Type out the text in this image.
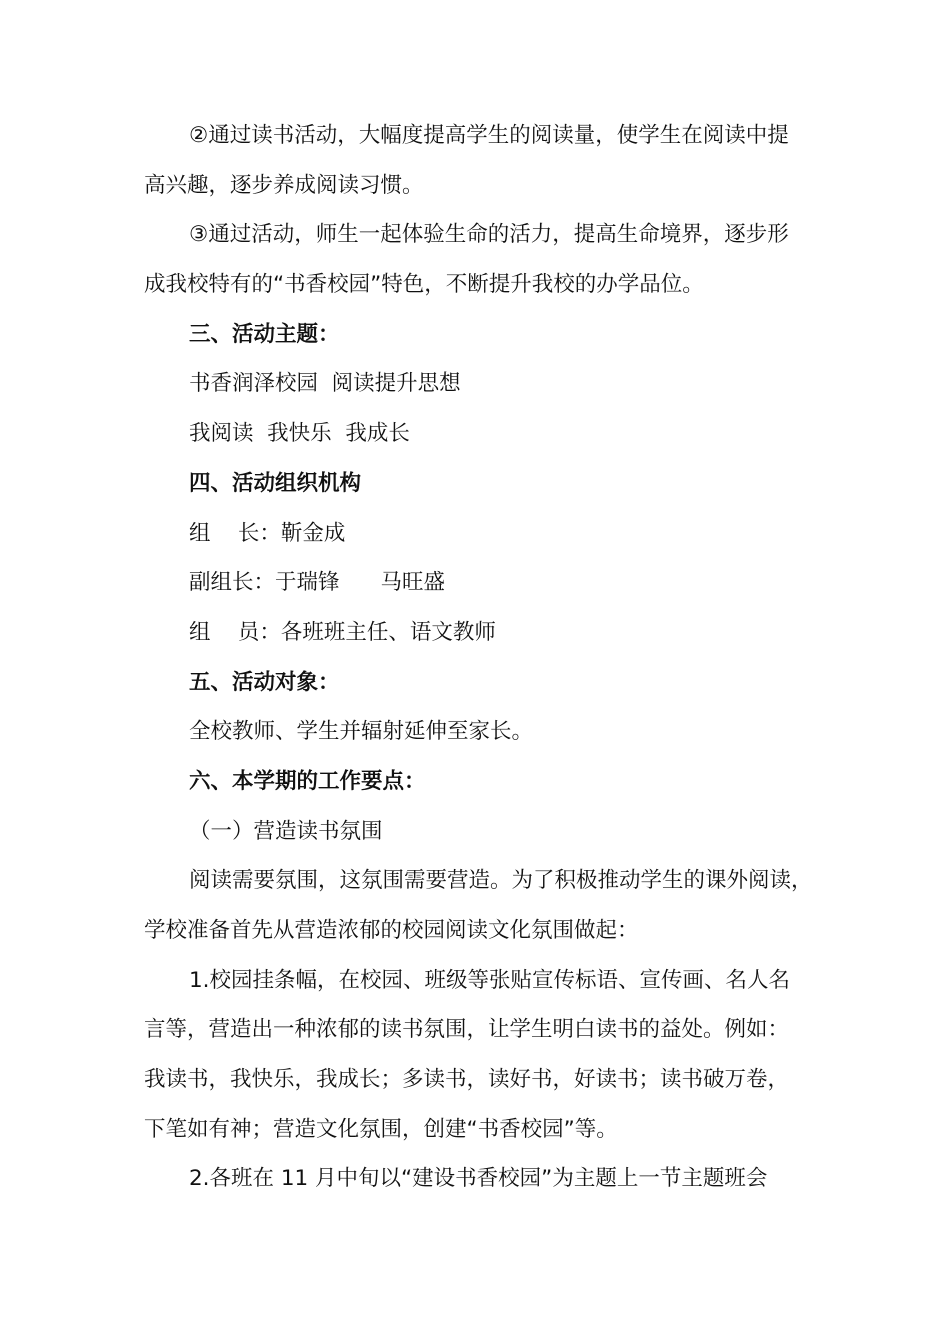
②通过读书活动，大幅度提高学生的阅读量，使学生在阅读中提
高兴趣，逐步养成阅读习惯。
③通过活动，师生一起体验生命的活力，提高生命境界，逐步形
成我校特有的“书香校园”特色，不断提升我校的办学品位。
三、活动主题：
书香润泽校园  阅读提升思想
我阅读  我快乐  我成长
四、活动组织机构
组    长：靳金成
副组长：于瑞锋      马旺盛
组    员：各班班主任、语文教师
五、活动对象：
全校教师、学生并辐射延伸至家长。
六、本学期的工作要点：
（一）营造读书氛围
阅读需要氛围，这氛围需要营造。为了积极推动学生的课外阅读，
学校准备首先从营造浓郁的校园阅读文化氛围做起：
1.校园挂条幅，在校园、班级等张贴宣传标语、宣传画、名人名
言等，营造出一种浓郁的读书氛围，让学生明白读书的益处。例如：
我读书，我快乐，我成长；多读书，读好书，好读书；读书破万卷，
下笔如有神；营造文化氛围，创建“书香校园”等。
2.各班在 11 月中旬以“建设书香校园”为主题上一节主题班会
